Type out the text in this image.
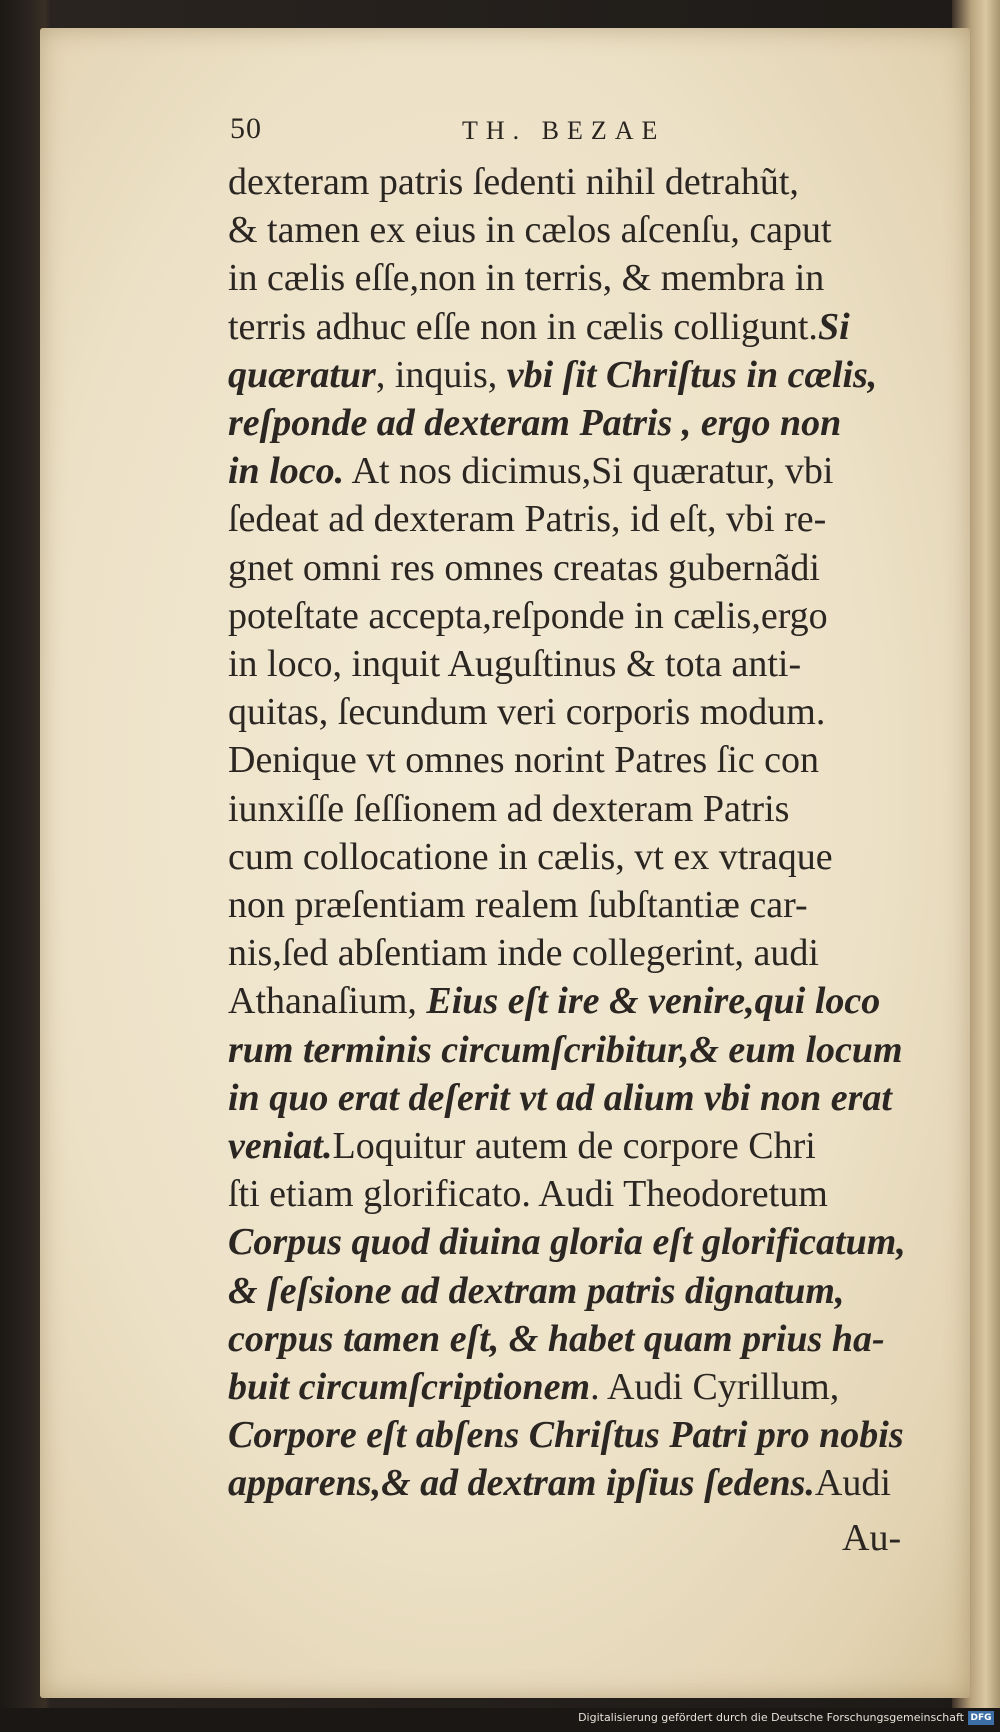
50	TH. BEZAE
dexteram patris ſedenti nihil detrahũt,
& tamen ex eius in cælos aſcenſu, caput
in cælis eſſe,non in terris, & membra in
terris adhuc eſſe non in cælis colligunt.Si
quæratur, inquis, vbi ſit Chriſtus in cælis,
reſponde ad dexteram Patris , ergo non
in loco. At nos dicimus,Si quæratur, vbi
ſedeat ad dexteram Patris, id eſt, vbi re-
gnet omni res omnes creatas gubernãdi
poteſtate accepta,reſponde in cælis,ergo
in loco, inquit Auguſtinus & tota anti-
quitas, ſecundum veri corporis modum.
Denique vt omnes norint Patres ſic con
iunxiſſe ſeſſionem ad dexteram Patris
cum collocatione in cælis, vt ex vtraque
non præſentiam realem ſubſtantiæ car-
nis,ſed abſentiam inde collegerint, audi
Athanaſium, Eius eſt ire & venire,qui loco
rum terminis circumſcribitur,& eum locum
in quo erat deſerit vt ad alium vbi non erat
veniat.Loquitur autem de corpore Chri
ſti etiam glorificato. Audi Theodoretum
Corpus quod diuina gloria eſt glorificatum,
& ſeſsione ad dextram patris dignatum,
corpus tamen eſt, & habet quam prius ha-
buit circumſcriptionem. Audi Cyrillum,
Corpore eſt abſens Chriſtus Patri pro nobis
apparens,& ad dextram ipſius ſedens.Audi
Au-
Digitalisierung gefördert durch die Deutsche Forschungsgemeinschaft DFG
